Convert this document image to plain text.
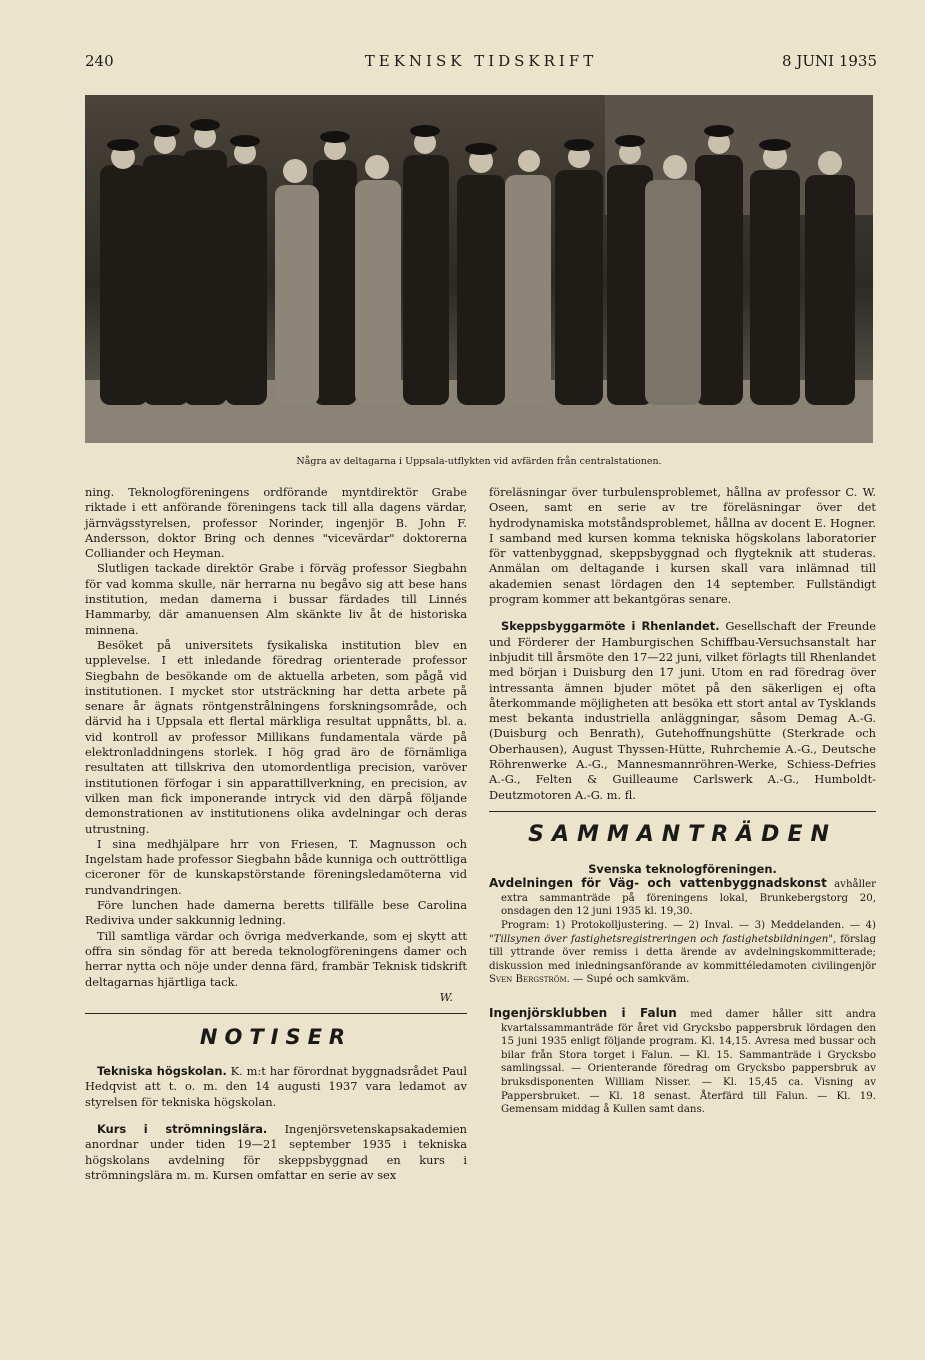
240	TEKNISK TIDSKRIFT	8 JUNI 1935
Några av deltagarna i Uppsala-utflykten vid avfärden från centralstationen.

ning. Teknologföreningens ordförande myntdirektör Grabe riktade i ett anförande föreningens tack till alla dagens värdar, järnvägsstyrelsen, professor Norinder, ingenjör B. John F. Andersson, doktor Bring och dennes "vicevärdar" doktorerna Colliander och Heyman.

Slutligen tackade direktör Grabe i förväg professor Siegbahn för vad komma skulle, när herrarna nu begåvo sig att bese hans institution, medan damerna i bussar färdades till Linnés Hammarby, där amanuensen Alm skänkte liv åt de historiska minnena.

Besöket på universitets fysikaliska institution blev en upplevelse. I ett inledande föredrag orienterade professor Siegbahn de besökande om de aktuella arbeten, som pågå vid institutionen. I mycket stor utsträckning har detta arbete på senare år ägnats röntgenstrålningens forskningsområde, och därvid ha i Uppsala ett flertal märkliga resultat uppnåtts, bl. a. vid kontroll av professor Millikans fundamentala värde på elektronladdningens storlek. I hög grad äro de förnämliga resultaten att tillskriva den utomordentliga precision, varöver institutionen förfogar i sin apparattillverkning, en precision, av vilken man fick imponerande intryck vid den därpå följande demonstrationen av institutionens olika avdelningar och deras utrustning.

I sina medhjälpare hrr von Friesen, T. Magnusson och Ingelstam hade professor Siegbahn både kunniga och outtröttliga ciceroner för de kunskapstörstande föreningsledamöterna vid rundvandringen.

Före lunchen hade damerna beretts tillfälle bese Carolina Rediviva under sakkunnig ledning.

Till samtliga värdar och övriga medverkande, som ej skytt att offra sin söndag för att bereda teknologföreningens damer och herrar nytta och nöje under denna färd, frambär Teknisk tidskrift deltagarnas hjärtliga tack.

W.

NOTISER

Tekniska högskolan. K. m:t har förordnat byggnadsrådet Paul Hedqvist att t. o. m. den 14 augusti 1937 vara ledamot av styrelsen för tekniska högskolan.

Kurs i strömningslära. Ingenjörsvetenskapsakademien anordnar under tiden 19—21 september 1935 i tekniska högskolans avdelning för skeppsbyggnad en kurs i strömningslära m. m. Kursen omfattar en serie av sex

föreläsningar över turbulensproblemet, hållna av professor C. W. Oseen, samt en serie av tre föreläsningar över det hydrodynamiska motståndsproblemet, hållna av docent E. Hogner. I samband med kursen komma tekniska högskolans laboratorier för vattenbyggnad, skeppsbyggnad och flygteknik att studeras. Anmälan om deltagande i kursen skall vara inlämnad till akademien senast lördagen den 14 september. Fullständigt program kommer att bekantgöras senare.

Skeppsbyggarmöte i Rhenlandet. Gesellschaft der Freunde und Förderer der Hamburgischen Schiffbau-Versuchsanstalt har inbjudit till årsmöte den 17—22 juni, vilket förlagts till Rhenlandet med början i Duisburg den 17 juni. Utom en rad föredrag över intressanta ämnen bjuder mötet på den säkerligen ej ofta återkommande möjligheten att besöka ett stort antal av Tysklands mest bekanta industriella anläggningar, såsom Demag A.-G. (Duisburg och Benrath), Gutehoffnungshütte (Sterkrade och Oberhausen), August Thyssen-Hütte, Ruhrchemie A.-G., Deutsche Röhrenwerke A.-G., Mannesmannröhren-Werke, Schiess-Defries A.-G., Felten & Guilleaume Carlswerk A.-G., Humboldt-Deutzmotoren A.-G. m. fl.

SAMMANTRÄDEN

Svenska teknologföreningen.

Avdelningen för Väg- och vattenbyggnadskonst avhåller extra sammanträde på föreningens lokal, Brunkebergstorg 20, onsdagen den 12 juni 1935 kl. 19,30.

Program: 1) Protokolljustering. — 2) Inval. — 3) Meddelanden. — 4) "Tillsynen över fastighetsregistreringen och fastighetsbildningen", förslag till yttrande över remiss i detta ärende av avdelningskommitterade; diskussion med inledningsanförande av kommittéledamoten civilingenjör Sven Bergström. — Supé och samkväm.

Ingenjörsklubben i Falun med damer håller sitt andra kvartalssammanträde för året vid Grycksbo pappersbruk lördagen den 15 juni 1935 enligt följande program. Kl. 14,15. Avresa med bussar och bilar från Stora torget i Falun. — Kl. 15. Sammanträde i Grycksbo samlingssal. — Orienterande föredrag om Grycksbo pappersbruk av bruksdisponenten William Nisser. — Kl. 15,45 ca. Visning av Pappersbruket. — Kl. 18 senast. Återfärd till Falun. — Kl. 19. Gemensam middag å Kullen samt dans.
